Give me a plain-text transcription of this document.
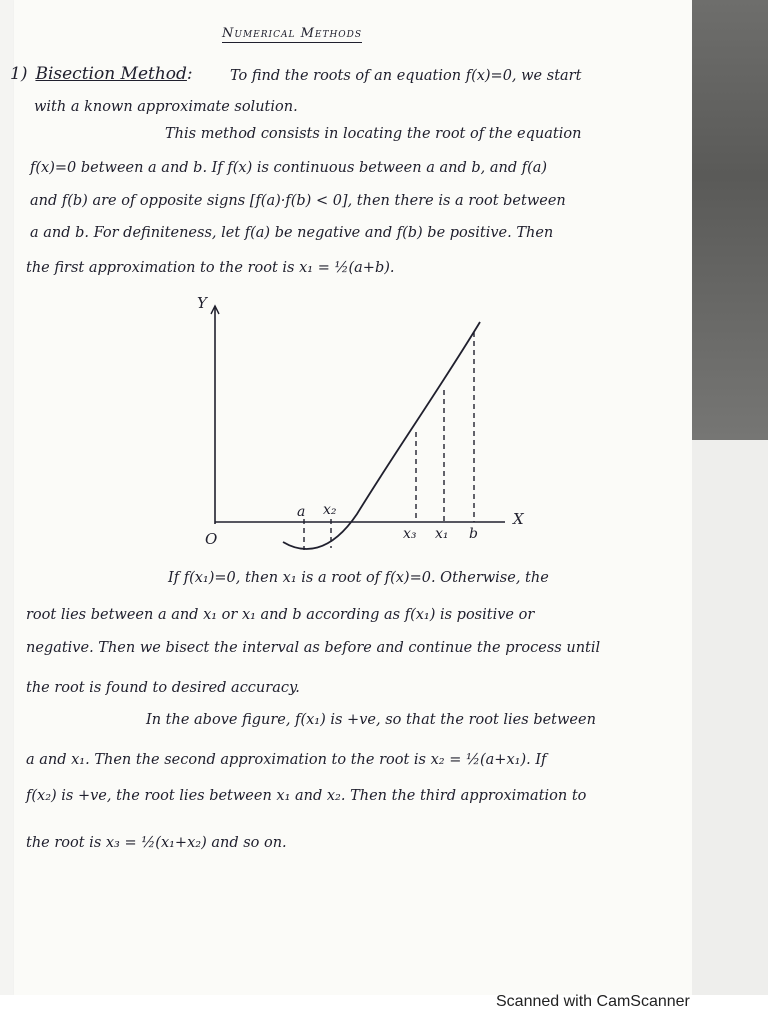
Numerical Methods
1) Bisection Method:	To find the roots of an equation f(x)=0, we start
with a known approximate solution.
This method consists in locating the root of the equation
f(x)=0 between a and b. If f(x) is continuous between a and b, and f(a)
and f(b) are of opposite signs [f(a)·f(b) < 0], then there is a root between
a and b. For definiteness, let f(a) be negative and f(b) be positive. Then
the first approximation to the root is x₁ = ½(a+b).
Y
X
O
a x₂
x₃ x₁ b
If f(x₁)=0, then x₁ is a root of f(x)=0. Otherwise, the
root lies between a and x₁ or x₁ and b according as f(x₁) is positive or
negative. Then we bisect the interval as before and continue the process until
the root is found to desired accuracy.
In the above figure, f(x₁) is +ve, so that the root lies between
a and x₁. Then the second approximation to the root is x₂ = ½(a+x₁). If
f(x₂) is +ve, the root lies between x₁ and x₂. Then the third approximation to
the root is x₃ = ½(x₁+x₂) and so on.
Scanned with CamScanner
